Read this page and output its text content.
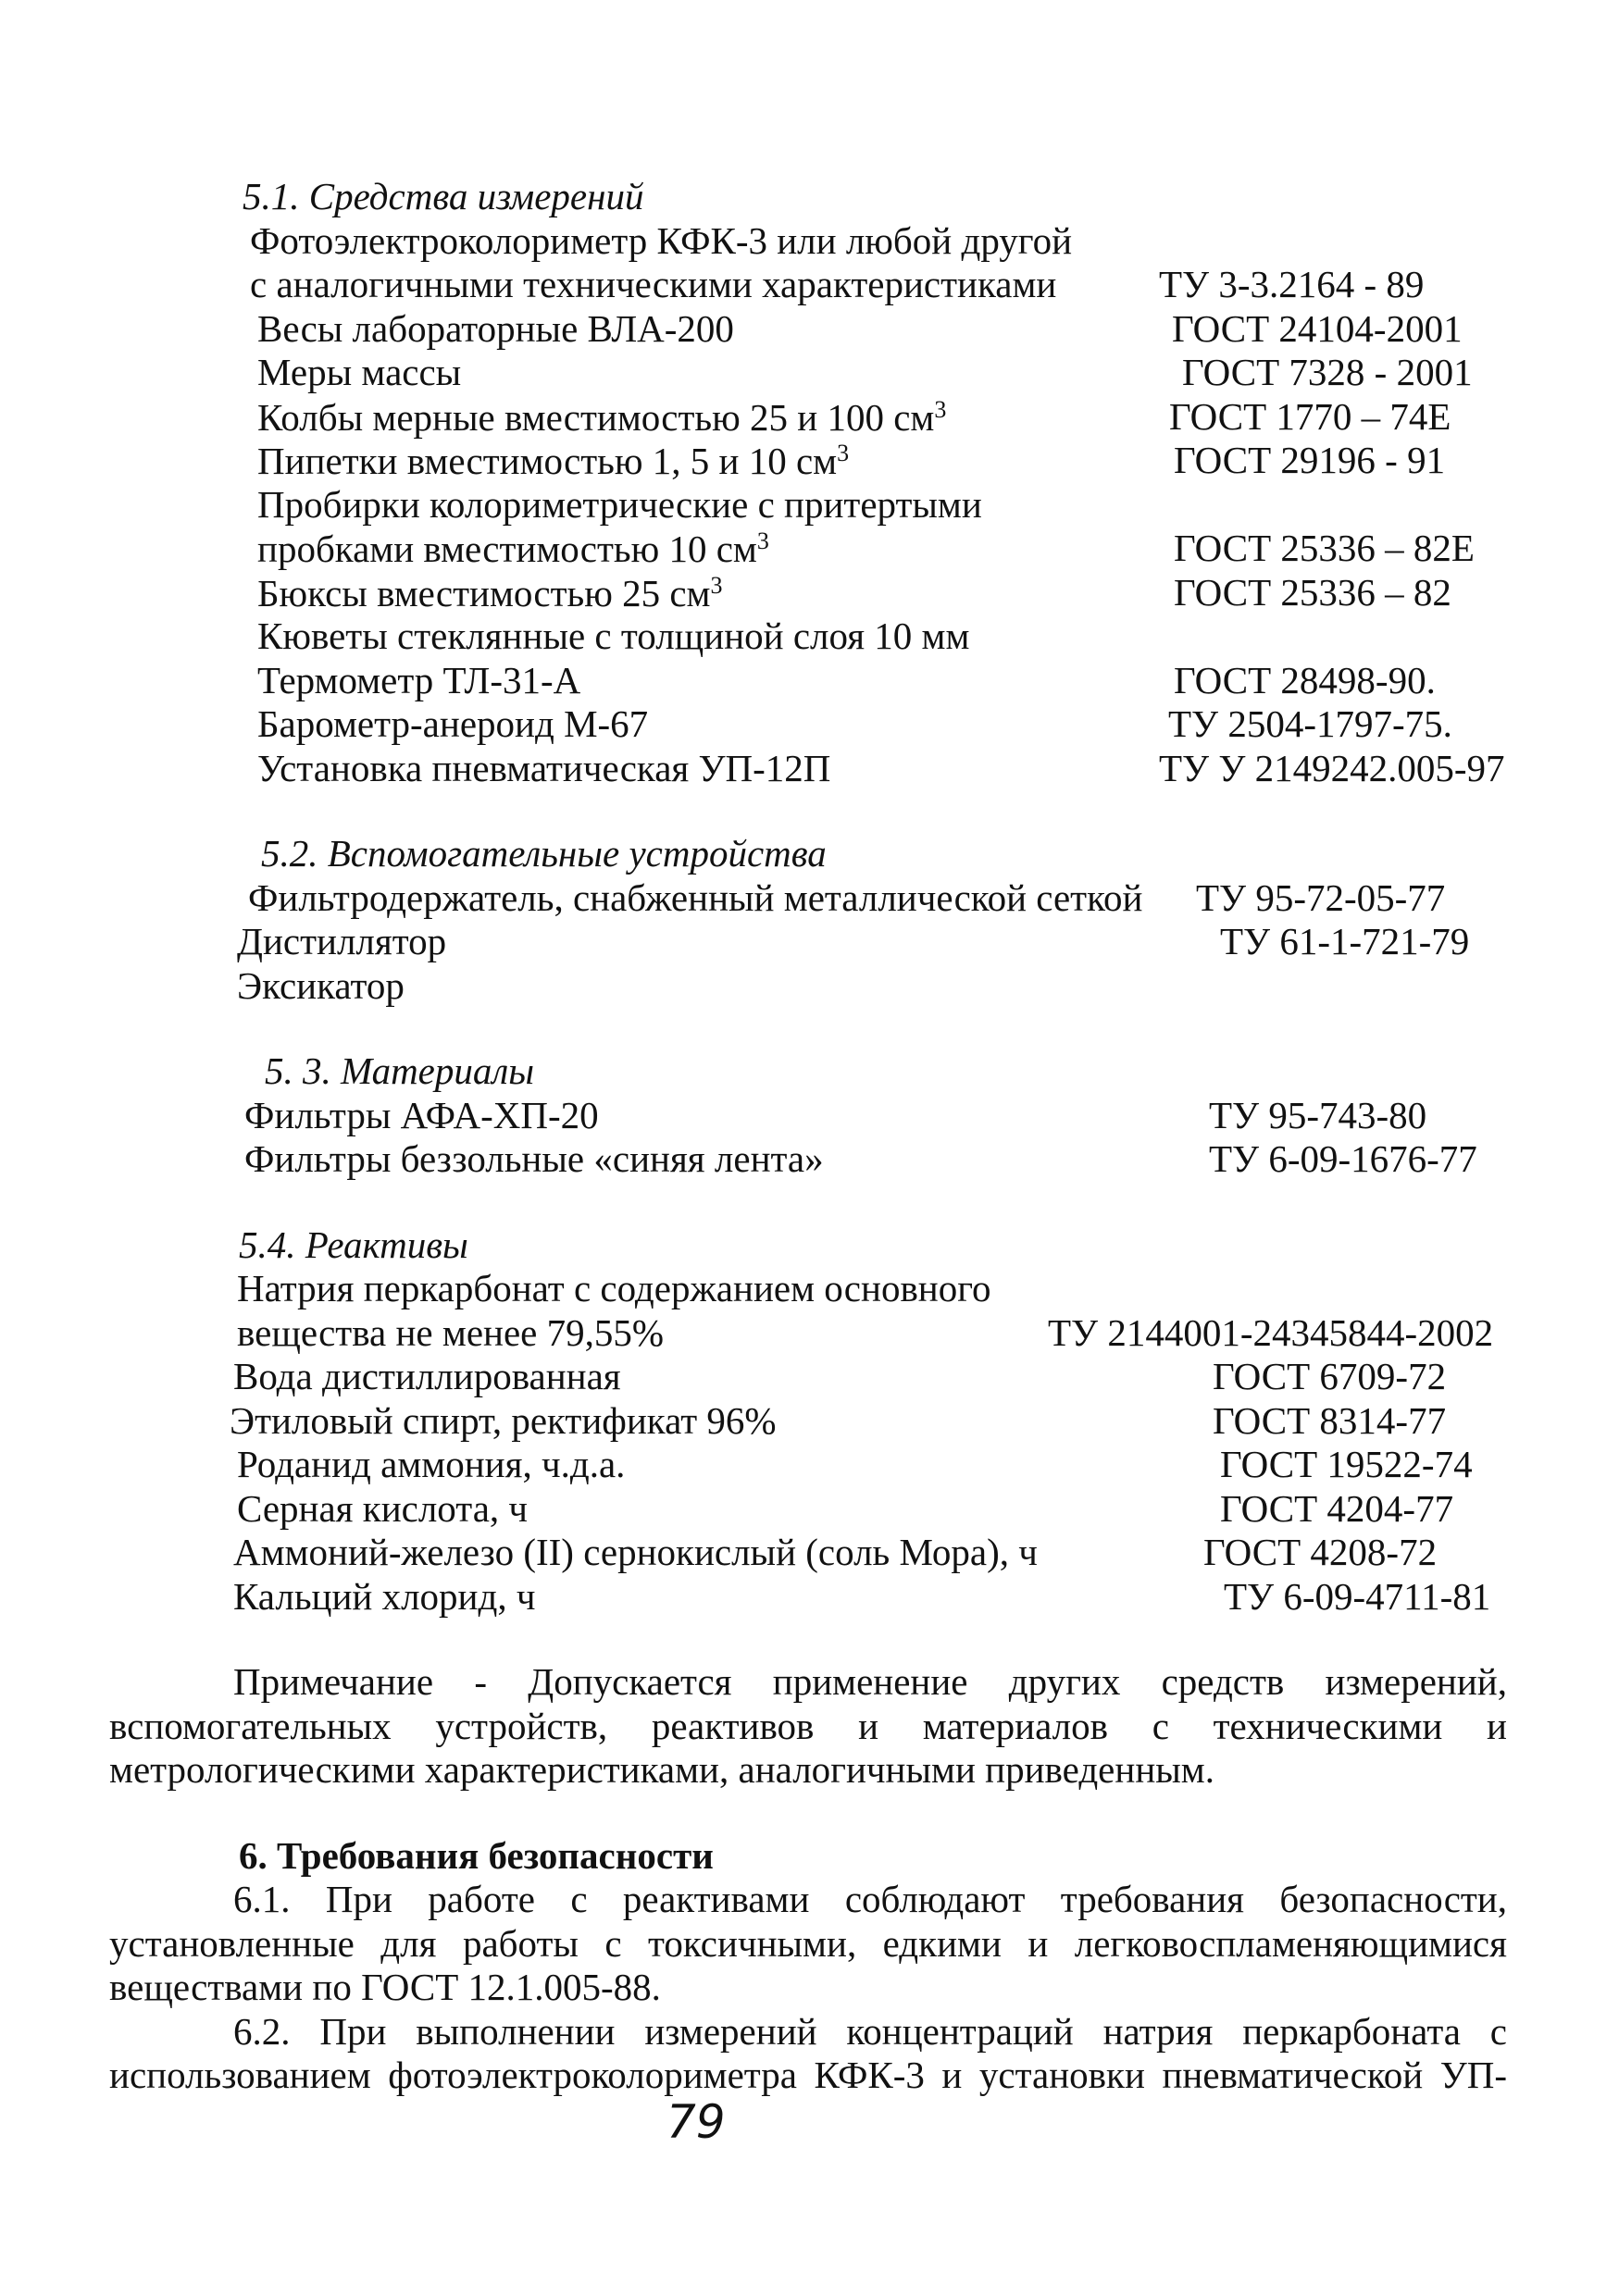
5.1. Средства измерений
Фотоэлектроколориметр КФК-3 или любой другой
с аналогичными техническими характеристиками	ТУ 3-3.2164 - 89
Весы лабораторные ВЛА-200	ГОСТ 24104-2001
Меры массы	ГОСТ 7328 - 2001
Колбы мерные вместимостью 25 и 100 $см^3$	ГОСТ 1770 – 74Е
Пипетки вместимостью 1, 5 и 10 $см^3$	ГОСТ 29196 - 91
Пробирки колориметрические с притертыми
пробками вместимостью 10 $см^3$	ГОСТ 25336 – 82Е
Бюксы вместимостью 25 $см^3$	ГОСТ 25336 – 82
Кюветы стеклянные с толщиной слоя 10 мм
Термометр ТЛ-31-А	ГОСТ 28498-90.
Барометр-анероид М-67	ТУ 2504-1797-75.
Установка пневматическая УП-12П	ТУ У 2149242.005-97
5.2. Вспомогательные устройства
Фильтродержатель, снабженный металлической сеткой ТУ 95-72-05-77
Дистиллятор	ТУ 61-1-721-79
Эксикатор
5. 3. Материалы
Фильтры АФА-ХП-20	ТУ 95-743-80
Фильтры беззольные «синяя лента»	ТУ 6-09-1676-77
5.4. Реактивы
Натрия перкарбонат с содержанием основного
вещества не менее 79,55%	ТУ 2144001-24345844-2002
Вода дистиллированная	ГОСТ 6709-72
Этиловый спирт, ректификат 96%	ГОСТ 8314-77
Роданид аммония, ч.д.а.	ГОСТ 19522-74
Серная кислота, ч	ГОСТ 4204-77
Аммоний-железо (II) сернокислый (соль Мора), ч	ГОСТ 4208-72
Кальций хлорид, ч	ТУ 6-09-4711-81
Примечание - Допускается применение других средств измерений,
вспомогательных устройств, реактивов и материалов с техническими и
метрологическими характеристиками, аналогичными приведенным.
6. Требования безопасности
6.1. При работе с реактивами соблюдают требования безопасности,
установленные для работы с токсичными, едкими и легковоспламеняющимися
веществами по ГОСТ 12.1.005-88.
6.2. При выполнении измерений концентраций натрия перкарбоната с
использованием фотоэлектроколориметра КФК-3 и установки пневматической УП-
79
